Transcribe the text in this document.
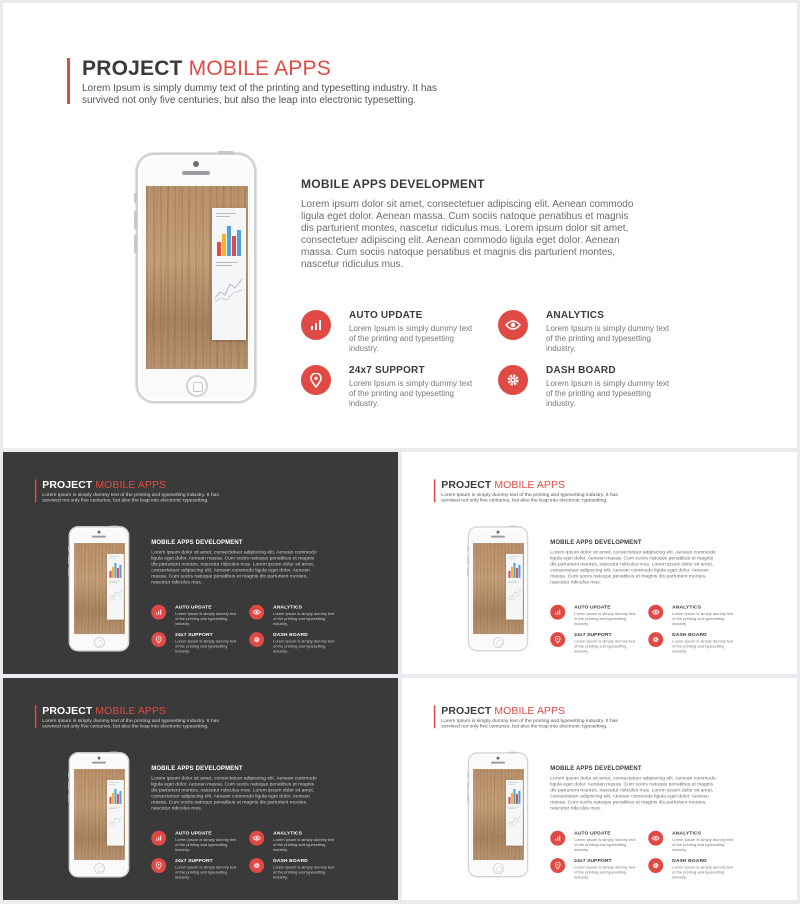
PROJECT MOBILE APPS
Lorem Ipsum is simply dummy text of the printing and typesetting industry. It has survived not only five centuries, but also the leap into electronic typesetting.
MOBILE APPS DEVELOPMENT
Lorem ipsum dolor sit amet, consectetuer adipiscing elit. Aenean commodo ligula eget dolor. Aenean massa. Cum sociis natoque penatibus et magnis dis parturient montes, nascetur ridiculus mus. Lorem ipsum dolor sit amet, consectetuer adipiscing elit. Aenean commodo ligula eget dolor. Aenean massa. Cum sociis natoque penatibus et magnis dis parturient montes, nascetur ridiculus mus.
AUTO UPDATE
Lorem Ipsum is simply dummy text of the printing and typesetting industry.
ANALYTICS
Lorem Ipsum is simply dummy text of the printing and typesetting industry.
24x7 SUPPORT
Lorem Ipsum is simply dummy text of the printing and typesetting industry.
DASH BOARD
Lorem Ipsum is simply dummy text of the printing and typesetting industry.
PROJECT MOBILE APPS
Lorem Ipsum is simply dummy text of the printing and typesetting industry. It has survived not only five centuries, but also the leap into electronic typesetting.
MOBILE APPS DEVELOPMENT
Lorem ipsum dolor sit amet, consectetuer adipiscing elit. Aenean commodo ligula eget dolor. Aenean massa. Cum sociis natoque penatibus et magnis dis parturient montes, nascetur ridiculus mus. Lorem ipsum dolor sit amet, consectetuer adipiscing elit. Aenean commodo ligula eget dolor. Aenean massa. Cum sociis natoque penatibus et magnis dis parturient montes, nascetur ridiculus mus.
AUTO UPDATE
Lorem Ipsum is simply dummy text of the printing and typesetting industry.
ANALYTICS
Lorem Ipsum is simply dummy text of the printing and typesetting industry.
24x7 SUPPORT
Lorem Ipsum is simply dummy text of the printing and typesetting industry.
DASH BOARD
Lorem Ipsum is simply dummy text of the printing and typesetting industry.
PROJECT MOBILE APPS
Lorem Ipsum is simply dummy text of the printing and typesetting industry. It has survived not only five centuries, but also the leap into electronic typesetting.
MOBILE APPS DEVELOPMENT
Lorem ipsum dolor sit amet, consectetuer adipiscing elit. Aenean commodo ligula eget dolor. Aenean massa. Cum sociis natoque penatibus et magnis dis parturient montes, nascetur ridiculus mus. Lorem ipsum dolor sit amet, consectetuer adipiscing elit. Aenean commodo ligula eget dolor. Aenean massa. Cum sociis natoque penatibus et magnis dis parturient montes, nascetur ridiculus mus.
AUTO UPDATE
Lorem Ipsum is simply dummy text of the printing and typesetting industry.
ANALYTICS
Lorem Ipsum is simply dummy text of the printing and typesetting industry.
24x7 SUPPORT
Lorem Ipsum is simply dummy text of the printing and typesetting industry.
DASH BOARD
Lorem Ipsum is simply dummy text of the printing and typesetting industry.
PROJECT MOBILE APPS
Lorem Ipsum is simply dummy text of the printing and typesetting industry. It has survived not only five centuries, but also the leap into electronic typesetting.
MOBILE APPS DEVELOPMENT
Lorem ipsum dolor sit amet, consectetuer adipiscing elit. Aenean commodo ligula eget dolor. Aenean massa. Cum sociis natoque penatibus et magnis dis parturient montes, nascetur ridiculus mus. Lorem ipsum dolor sit amet, consectetuer adipiscing elit. Aenean commodo ligula eget dolor. Aenean massa. Cum sociis natoque penatibus et magnis dis parturient montes, nascetur ridiculus mus.
AUTO UPDATE
Lorem Ipsum is simply dummy text of the printing and typesetting industry.
ANALYTICS
Lorem Ipsum is simply dummy text of the printing and typesetting industry.
24x7 SUPPORT
Lorem Ipsum is simply dummy text of the printing and typesetting industry.
DASH BOARD
Lorem Ipsum is simply dummy text of the printing and typesetting industry.
PROJECT MOBILE APPS
Lorem Ipsum is simply dummy text of the printing and typesetting industry. It has survived not only five centuries, but also the leap into electronic typesetting.
MOBILE APPS DEVELOPMENT
Lorem ipsum dolor sit amet, consectetuer adipiscing elit. Aenean commodo ligula eget dolor. Aenean massa. Cum sociis natoque penatibus et magnis dis parturient montes, nascetur ridiculus mus. Lorem ipsum dolor sit amet, consectetuer adipiscing elit. Aenean commodo ligula eget dolor. Aenean massa. Cum sociis natoque penatibus et magnis dis parturient montes, nascetur ridiculus mus.
AUTO UPDATE
Lorem Ipsum is simply dummy text of the printing and typesetting industry.
ANALYTICS
Lorem Ipsum is simply dummy text of the printing and typesetting industry.
24x7 SUPPORT
Lorem Ipsum is simply dummy text of the printing and typesetting industry.
DASH BOARD
Lorem Ipsum is simply dummy text of the printing and typesetting industry.
